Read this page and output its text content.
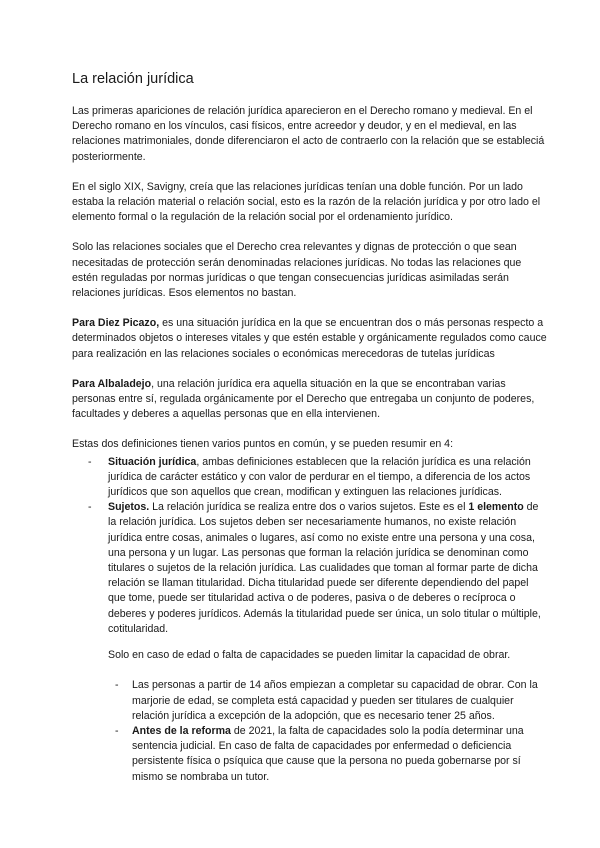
La relación jurídica

Las primeras apariciones de relación jurídica aparecieron en el Derecho romano y medieval. En el Derecho romano en los vínculos, casi físicos, entre acreedor y deudor, y en el medieval, en las relaciones matrimoniales, donde diferenciaron el acto de contraerlo con la relación que se estableciá posteriormente.

En el siglo XIX, Savigny, creía que las relaciones jurídicas tenían una doble función. Por un lado estaba la relación material o relación social, esto es la razón de la relación jurídica y por otro lado el elemento formal o la regulación de la relación social por el ordenamiento jurídico.

Solo las relaciones sociales que el Derecho crea relevantes y dignas de protección o que sean necesitadas de protección serán denominadas relaciones jurídicas. No todas las relaciones que estén reguladas por normas jurídicas o que tengan consecuencias jurídicas asimiladas serán relaciones jurídicas. Esos elementos no bastan.

Para Diez Picazo, es una situación jurídica en la que se encuentran dos o más personas respecto a determinados objetos o intereses vitales y que estén estable y orgánicamente regulados como cauce para realización en las relaciones sociales o económicas merecedoras de tutelas jurídicas

Para Albaladejo, una relación jurídica era aquella situación en la que se encontraban varias personas entre sí, regulada orgánicamente por el Derecho que entregaba un conjunto de poderes, facultades y deberes a aquellas personas que en ella intervienen.

Estas dos definiciones tienen varios puntos en común, y se pueden resumir en 4:

- Situación jurídica, ambas definiciones establecen que la relación jurídica es una relación jurídica de carácter estático y con valor de perdurar en el tiempo, a diferencia de los actos jurídicos que son aquellos que crean, modifican y extinguen las relaciones jurídicas.
- Sujetos. La relación jurídica se realiza entre dos o varios sujetos. Este es el 1 elemento de la relación jurídica. Los sujetos deben ser necesariamente humanos, no existe relación jurídica entre cosas, animales o lugares, así como no existe entre una persona y una cosa, una persona y un lugar. Las personas que forman la relación jurídica se denominan como titulares o sujetos de la relación jurídica. Las cualidades que toman al formar parte de dicha relación se llaman titularidad. Dicha titularidad puede ser diferente dependiendo del papel que tome, puede ser titularidad activa o de poderes, pasiva o de deberes o recíproca o deberes y poderes jurídicos. Además la titularidad puede ser única, un solo titular o múltiple, cotitularidad.

Solo en caso de edad o falta de capacidades se pueden limitar la capacidad de obrar.

- Las personas a partir de 14 años empiezan a completar su capacidad de obrar. Con la marjorie de edad, se completa está capacidad y pueden ser titulares de cualquier relación jurídica a excepción de la adopción, que es necesario tener 25 años.
- Antes de la reforma de 2021, la falta de capacidades solo la podía determinar una sentencia judicial. En caso de falta de capacidades por enfermedad o deficiencia persistente física o psíquica que cause que la persona no pueda gobernarse por sí mismo se nombraba un tutor.
